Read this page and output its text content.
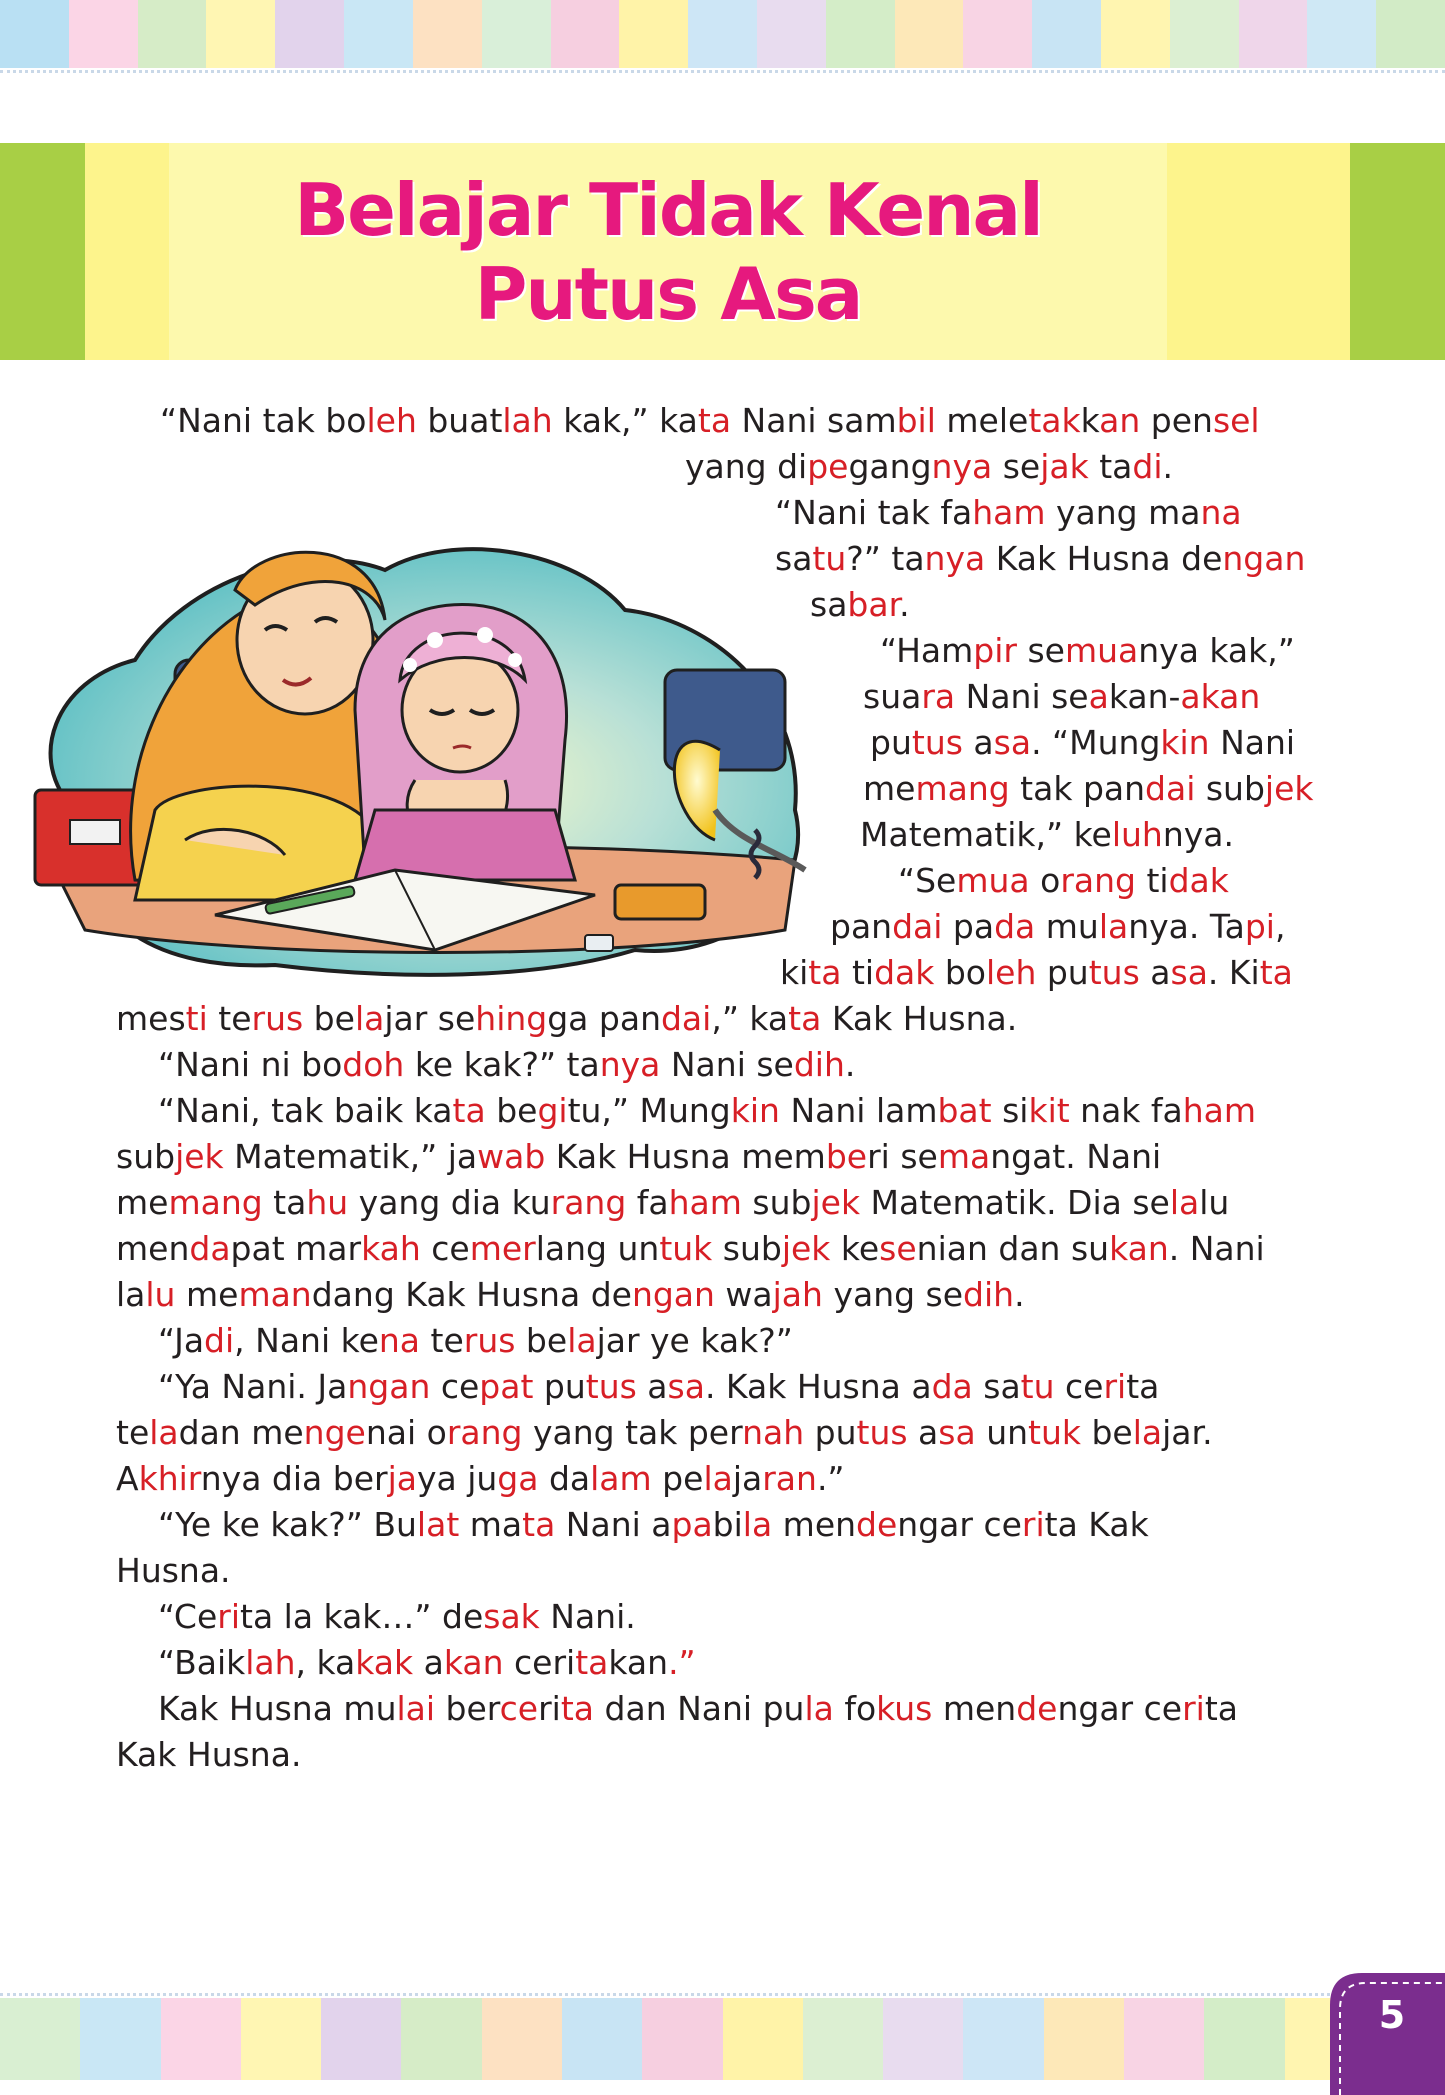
Belajar Tidak Kenal
Putus Asa
“Nani tak boleh buatlah kak,” kata Nani sambil meletakkan pensel
yang dipegangnya sejak tadi.
“Nani tak faham yang mana
satu?” tanya Kak Husna dengan
sabar.
“Hampir semuanya kak,”
suara Nani seakan-akan
putus asa. “Mungkin Nani
memang tak pandai subjek
Matematik,” keluhnya.
“Semua orang tidak
pandai pada mulanya. Tapi,
kita tidak boleh putus asa. Kita
mesti terus belajar sehingga pandai,” kata Kak Husna.
“Nani ni bodoh ke kak?” tanya Nani sedih.
“Nani, tak baik kata begitu,” Mungkin Nani lambat sikit nak faham
subjek Matematik,” jawab Kak Husna memberi semangat. Nani
memang tahu yang dia kurang faham subjek Matematik. Dia selalu
mendapat markah cemerlang untuk subjek kesenian dan sukan. Nani
lalu memandang Kak Husna dengan wajah yang sedih.
“Jadi, Nani kena terus belajar ye kak?”
“Ya Nani. Jangan cepat putus asa. Kak Husna ada satu cerita
teladan mengenai orang yang tak pernah putus asa untuk belajar.
Akhirnya dia berjaya juga dalam pelajaran.”
“Ye ke kak?” Bulat mata Nani apabila mendengar cerita Kak
Husna.
“Cerita la kak…” desak Nani.
“Baiklah, kakak akan ceritakan.”
Kak Husna mulai bercerita dan Nani pula fokus mendengar cerita
Kak Husna.
5
